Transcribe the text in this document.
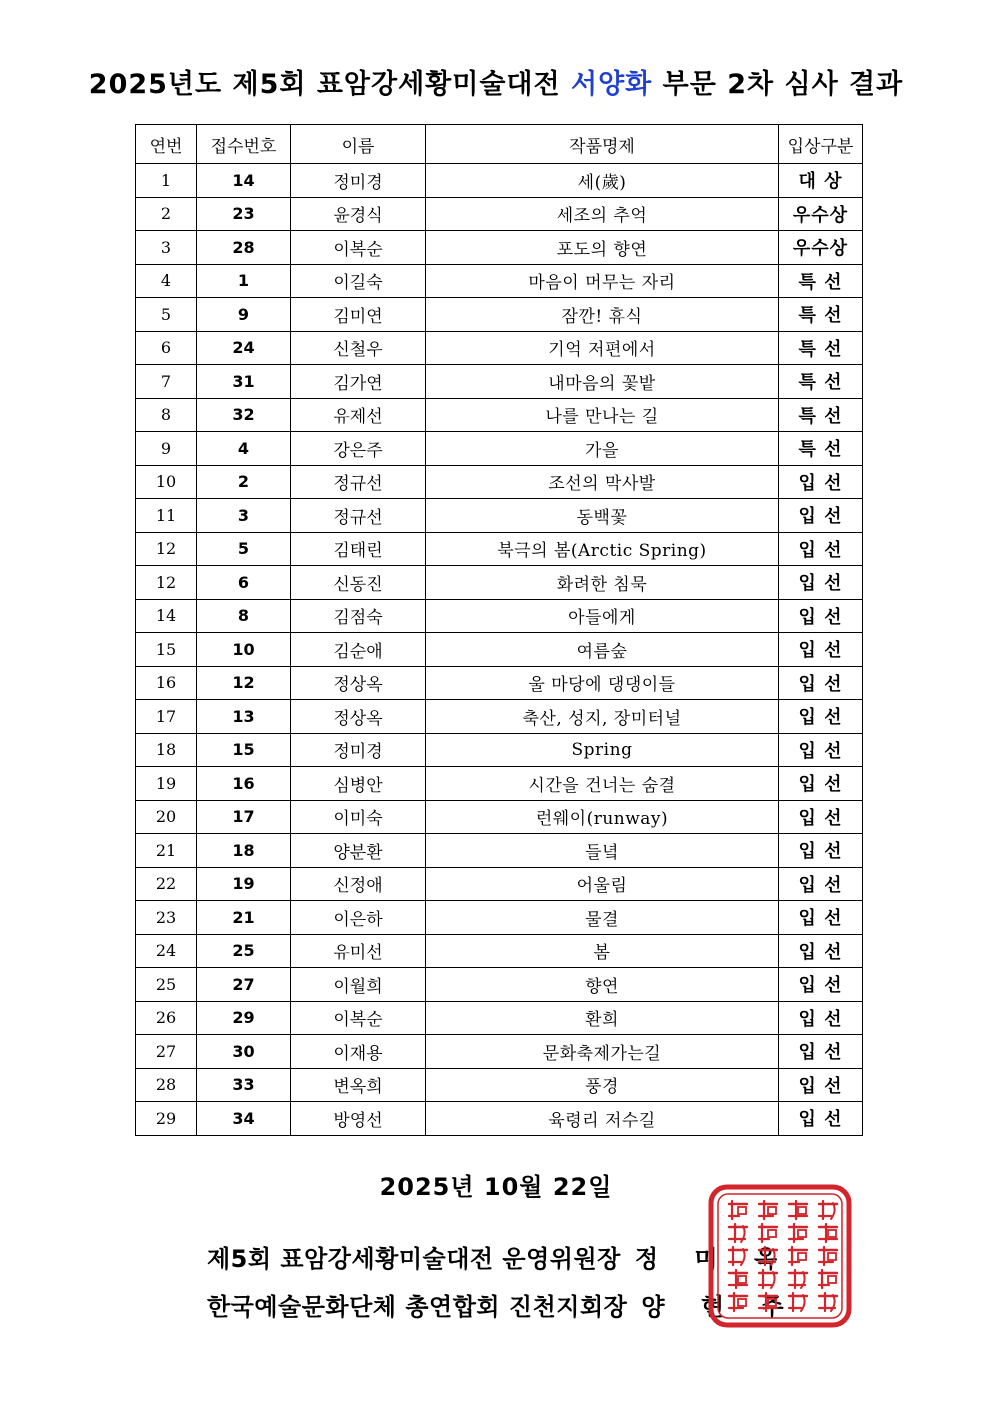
2025년도 제5회 표암강세황미술대전 서양화 부문 2차 심사 결과
연번	접수번호	이름	작품명제	입상구분
1	14	정미경	세(歲)	대 상
2	23	윤경식	세조의 추억	우수상
3	28	이복순	포도의 향연	우수상
4	1	이길숙	마음이 머무는 자리	특 선
5	9	김미연	잠깐! 휴식	특 선
6	24	신철우	기억 저편에서	특 선
7	31	김가연	내마음의 꽃밭	특 선
8	32	유제선	나를 만나는 길	특 선
9	4	강은주	가을	특 선
10	2	정규선	조선의 막사발	입 선
11	3	정규선	동백꽃	입 선
12	5	김태린	북극의 봄(Arctic Spring)	입 선
12	6	신동진	화려한 침묵	입 선
14	8	김점숙	아들에게	입 선
15	10	김순애	여름숲	입 선
16	12	정상옥	울 마당에 댕댕이들	입 선
17	13	정상옥	축산, 성지, 장미터널	입 선
18	15	정미경	Spring	입 선
19	16	심병안	시간을 건너는 숨결	입 선
20	17	이미숙	런웨이(runway)	입 선
21	18	양분환	들녘	입 선
22	19	신정애	어울림	입 선
23	21	이은하	물결	입 선
24	25	유미선	봄	입 선
25	27	이월희	향연	입 선
26	29	이복순	환희	입 선
27	30	이재용	문화축제가는길	입 선
28	33	변옥희	풍경	입 선
29	34	방영선	육령리 저수길	입 선
2025년 10월 22일
제5회 표암강세황미술대전 운영위원장 정 미 옥
한국예술문화단체 총연합회 진천지회장 양 현 주
